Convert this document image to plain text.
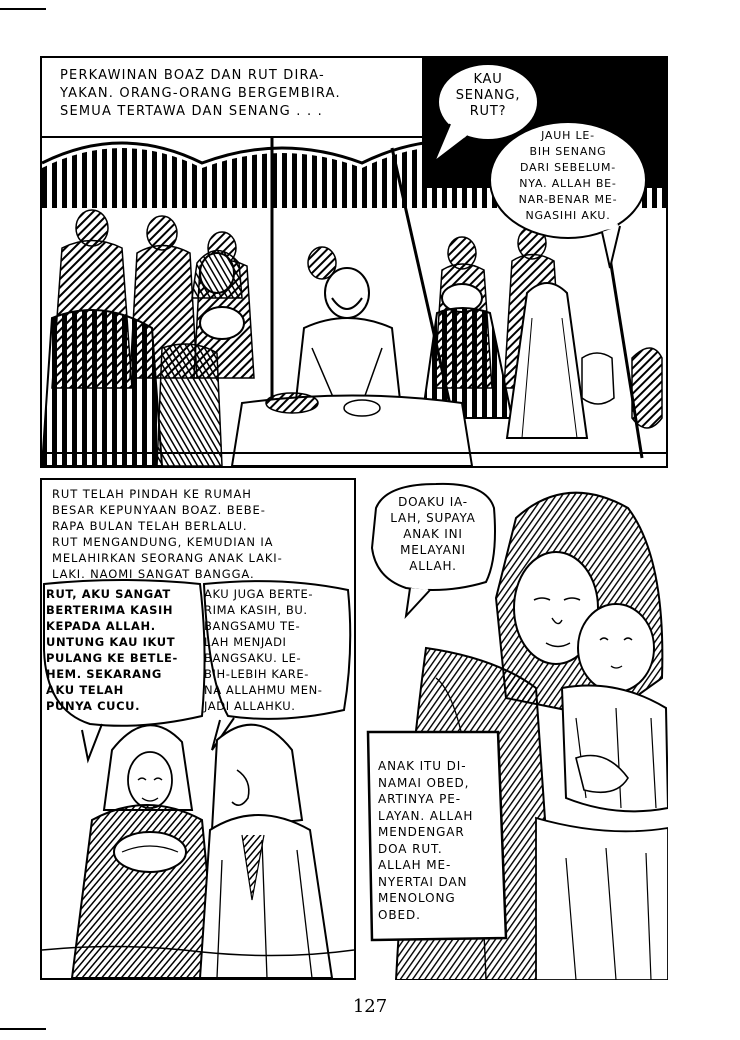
PERKAWINAN BOAZ DAN RUT DIRA-
YAKAN. ORANG-ORANG BERGEMBIRA.
SEMUA TERTAWA DAN SENANG . . .
KAU
SENANG,
RUT?
JAUH LE-
BIH SENANG
DARI SEBELUM-
NYA. ALLAH BE-
NAR-BENAR ME-
NGASIHI AKU.
RUT TELAH PINDAH KE RUMAH
BESAR KEPUNYAAN BOAZ. BEBE-
RAPA BULAN TELAH BERLALU.
RUT MENGANDUNG, KEMUDIAN IA
MELAHIRKAN SEORANG ANAK LAKI-
LAKI. NAOMI SANGAT BANGGA.
RUT, AKU SANGAT
BERTERIMA KASIH
KEPADA ALLAH.
UNTUNG KAU IKUT
PULANG KE BETLE-
HEM. SEKARANG
AKU TELAH
PUNYA CUCU.
AKU JUGA BERTE-
RIMA KASIH, BU.
BANGSAMU TE-
LAH MENJADI
BANGSAKU. LE-
BIH-LEBIH KARE-
NA ALLAHMU MEN-
JADI ALLAHKU.
DOAKU IA-
LAH, SUPAYA
ANAK INI
MELAYANI
ALLAH.
ANAK ITU DI-
NAMAI OBED,
ARTINYA PE-
LAYAN. ALLAH
MENDENGAR
DOA RUT.
ALLAH ME-
NYERTAI DAN
MENOLONG
OBED.
127
